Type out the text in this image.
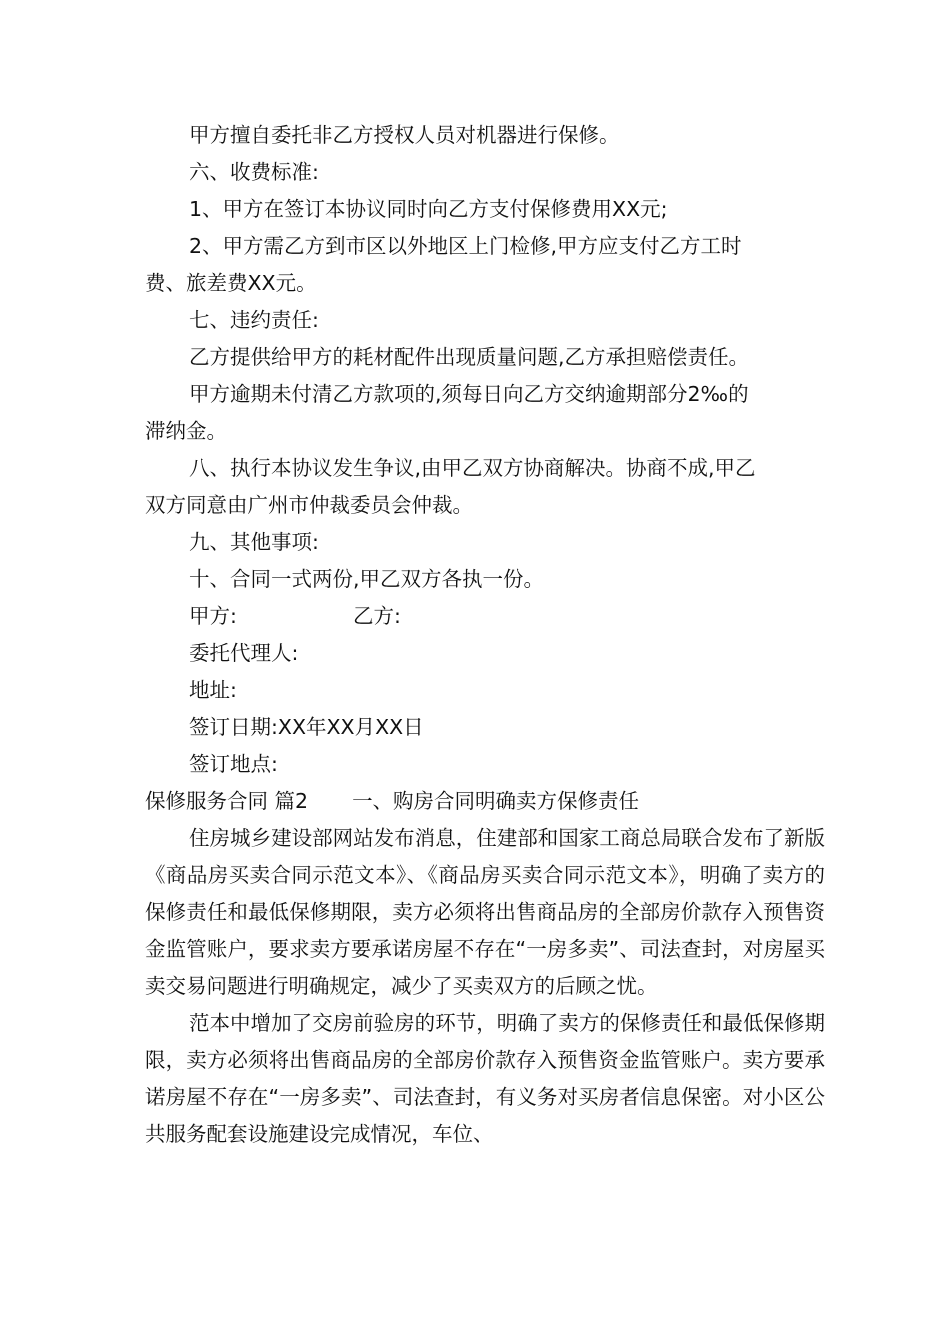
甲方擅自委托非乙方授权人员对机器进行保修。

六、收费标准:

1、甲方在签订本协议同时向乙方支付保修费用XX元;

2、甲方需乙方到市区以外地区上门检修,甲方应支付乙方工时

费、旅差费XX元。

七、违约责任:

乙方提供给甲方的耗材配件出现质量问题,乙方承担赔偿责任。

甲方逾期未付清乙方款项的,须每日向乙方交纳逾期部分2‰的

滞纳金。

八、执行本协议发生争议,由甲乙双方协商解决。协商不成,甲乙

双方同意由广州市仲裁委员会仲裁。

九、其他事项:

十、合同一式两份,甲乙双方各执一份。

甲方:	乙方:

委托代理人:

地址:

签订日期:XX年XX月XX日

签订地点:

保修服务合同 篇2 一、购房合同明确卖方保修责任

住房城乡建设部网站发布消息，住建部和国家工商总局联合发布了新版《商品房买卖合同示范文本》、《商品房买卖合同示范文本》，明确了卖方的保修责任和最低保修期限，卖方必须将出售商品房的全部房价款存入预售资金监管账户，要求卖方要承诺房屋不存在“一房多卖”、司法查封，对房屋买卖交易问题进行明确规定，减少了买卖双方的后顾之忧。

范本中增加了交房前验房的环节，明确了卖方的保修责任和最低保修期限，卖方必须将出售商品房的全部房价款存入预售资金监管账户。卖方要承诺房屋不存在“一房多卖”、司法查封，有义务对买房者信息保密。对小区公共服务配套设施建设完成情况，车位、
